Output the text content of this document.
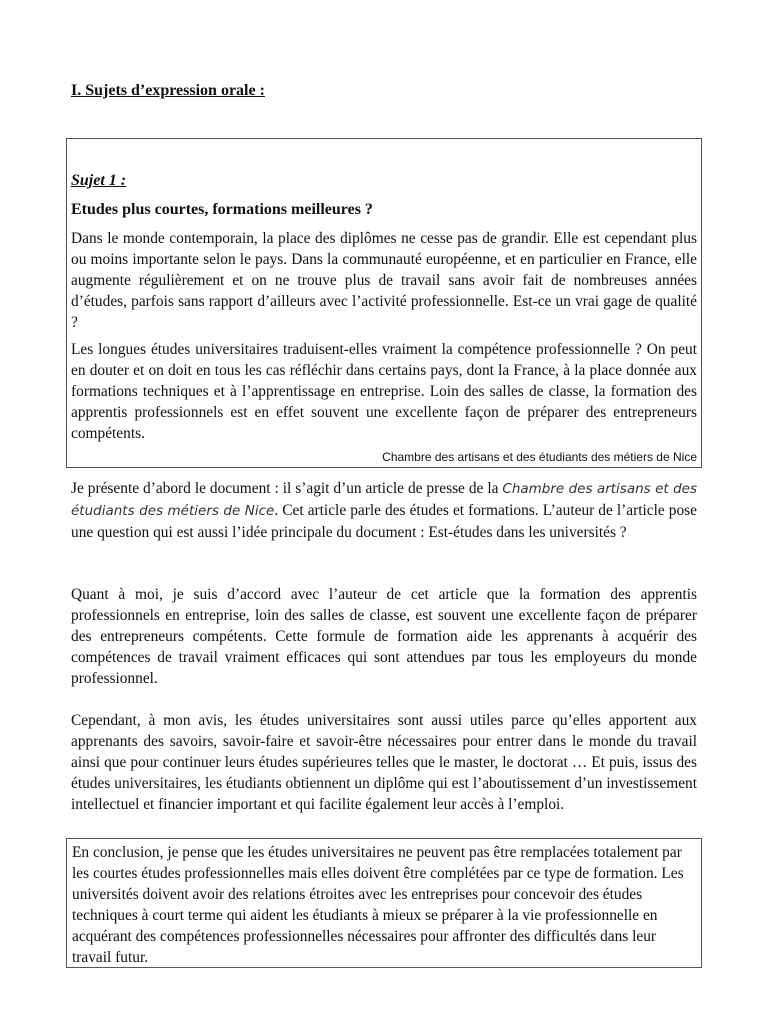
I. Sujets d’expression orale :
Sujet 1 :
Etudes plus courtes, formations meilleures ?
Dans le monde contemporain, la place des diplômes ne cesse pas de grandir. Elle est cependant plus ou moins importante selon le pays. Dans la communauté européenne, et en particulier en France, elle augmente régulièrement et on ne trouve plus de travail sans avoir fait de nombreuses années d’études, parfois sans rapport d’ailleurs avec l’activité professionnelle. Est-ce un vrai gage de qualité ?
Les longues études universitaires traduisent-elles vraiment la compétence professionnelle ? On peut en douter et on doit en tous les cas réfléchir dans certains pays, dont la France, à la place donnée aux formations techniques et à l’apprentissage en entreprise. Loin des salles de classe, la formation des apprentis professionnels est en effet souvent une excellente façon de préparer des entrepreneurs compétents.
Chambre des artisans et des étudiants des métiers de Nice
Je présente d’abord le document : il s’agit d’un article de presse de la Chambre des artisans et des étudiants des métiers de Nice. Cet article parle des études et formations. L’auteur de l’article pose une question qui est aussi l’idée principale du document : Est-études dans les universités ?
Quant à moi, je suis d’accord avec l’auteur de cet article que la formation des apprentis professionnels en entreprise, loin des salles de classe, est souvent une excellente façon de préparer des entrepreneurs compétents. Cette formule de formation aide les apprenants à acquérir des compétences de travail vraiment efficaces qui sont attendues par tous les employeurs du monde professionnel.
Cependant, à mon avis, les études universitaires sont aussi utiles parce qu’elles apportent aux apprenants des savoirs, savoir-faire et savoir-être nécessaires pour entrer dans le monde du travail ainsi que pour continuer leurs études supérieures telles que le master, le doctorat … Et puis, issus des études universitaires, les étudiants obtiennent un diplôme qui est l’aboutissement d’un investissement intellectuel et financier important et qui facilite également leur accès à l’emploi.
En conclusion, je pense que les études universitaires ne peuvent pas être remplacées totalement par les courtes études professionnelles mais elles doivent être complétées par ce type de formation. Les universités doivent avoir des relations étroites avec les entreprises pour concevoir des études techniques à court terme qui aident les étudiants à mieux se préparer à la vie professionnelle en acquérant des compétences professionnelles nécessaires pour affronter des difficultés dans leur travail futur.
